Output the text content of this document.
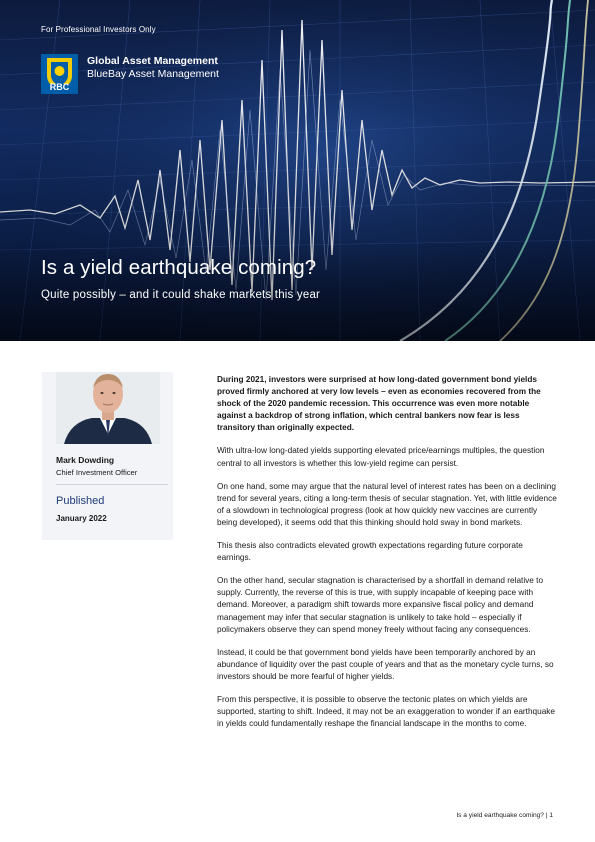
For Professional Investors Only
RBC
Global Asset Management
BlueBay Asset Management
Is a yield earthquake coming?
Quite possibly – and it could shake markets this year
Mark Dowding
Chief Investment Officer
Published
January 2022

During 2021, investors were surprised at how long-dated government bond yields proved firmly anchored at very low levels – even as economies recovered from the shock of the 2020 pandemic recession. This occurrence was even more notable against a backdrop of strong inflation, which central bankers now fear is less transitory than originally expected.

With ultra-low long-dated yields supporting elevated price/earnings multiples, the question central to all investors is whether this low-yield regime can persist.

On one hand, some may argue that the natural level of interest rates has been on a declining trend for several years, citing a long-term thesis of secular stagnation. Yet, with little evidence of a slowdown in technological progress (look at how quickly new vaccines are currently being developed), it seems odd that this thinking should hold sway in bond markets.

This thesis also contradicts elevated growth expectations regarding future corporate earnings.

On the other hand, secular stagnation is characterised by a shortfall in demand relative to supply. Currently, the reverse of this is true, with supply incapable of keeping pace with demand. Moreover, a paradigm shift towards more expansive fiscal policy and demand management may infer that secular stagnation is unlikely to take hold – especially if policymakers observe they can spend money freely without facing any consequences.

Instead, it could be that government bond yields have been temporarily anchored by an abundance of liquidity over the past couple of years and that as the monetary cycle turns, so investors should be more fearful of higher yields.

From this perspective, it is possible to observe the tectonic plates on which yields are supported, starting to shift. Indeed, it may not be an exaggeration to wonder if an earthquake in yields could fundamentally reshape the financial landscape in the months to come.

Is a yield earthquake coming? | 1
